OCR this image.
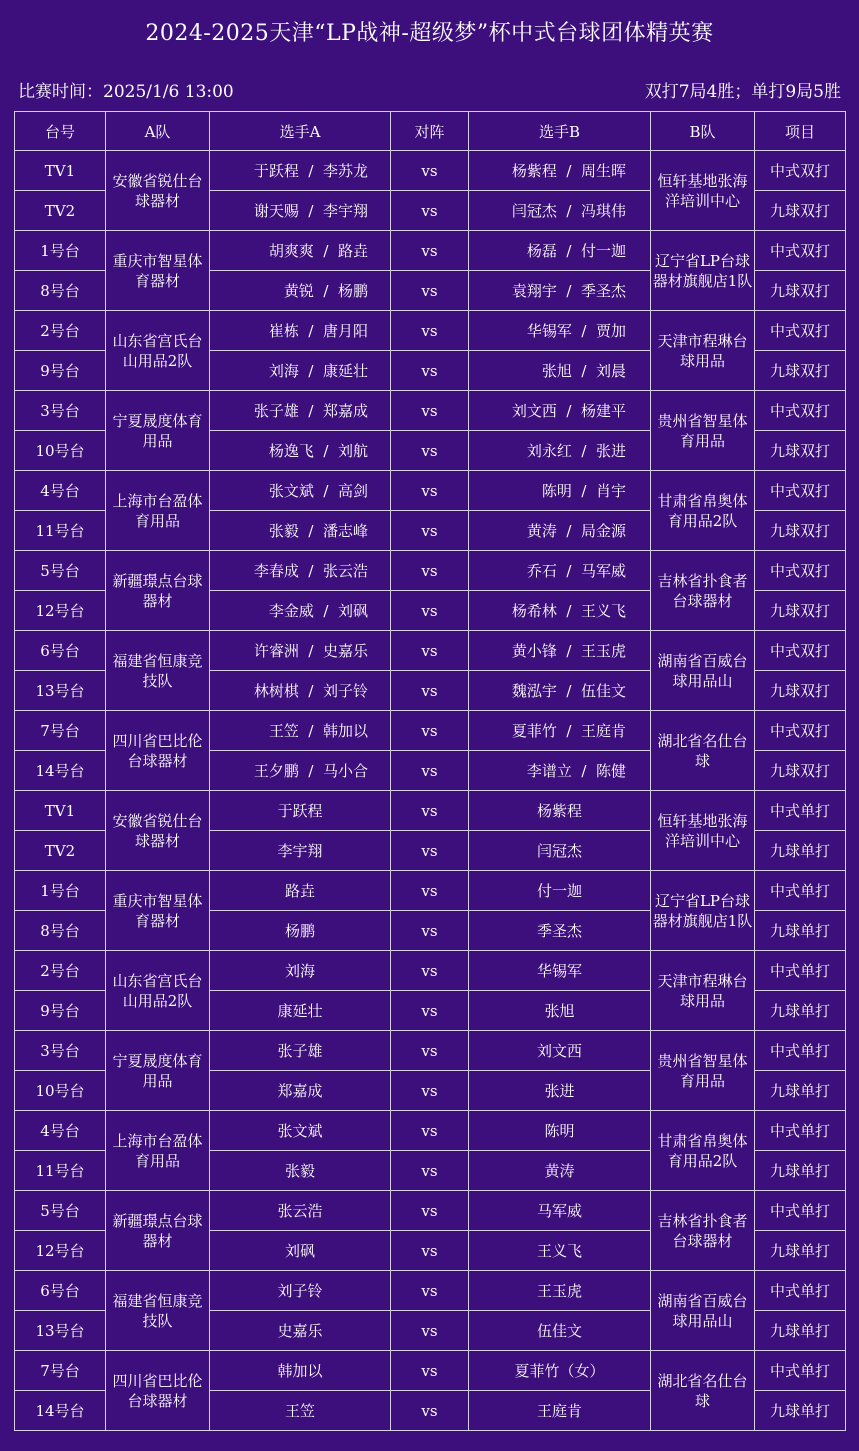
2024-2025天津“LP战神-超级梦”杯中式台球团体精英赛
比赛时间：2025/1/6 13:00	双打7局4胜；单打9局5胜
台号	A队	选手A	对阵	选手B	B队	项目
TV1	安徽省锐仕台球器材	于跃程  /  李苏龙	vs	杨紫程  /  周生晖	恒轩基地张海洋培训中心	中式双打
TV2		谢天赐  /  李宇翔	vs	闫冠杰  /  冯琪伟		九球双打
1号台	重庆市智星体育器材	胡爽爽  /  路垚	vs	杨磊  /  付一迦	辽宁省LP台球器材旗舰店1队	中式双打
8号台		黄锐  /  杨鹏	vs	袁翔宇  /  季圣杰		九球双打
2号台	山东省宫氏台山用品2队	崔栋  /  唐月阳	vs	华锡军  /  贾加	天津市程琳台球用品	中式双打
9号台		刘海  /  康延壮	vs	张旭  /  刘晨		九球双打
3号台	宁夏晟度体育用品	张子雄  /  郑嘉成	vs	刘文西  /  杨建平	贵州省智星体育用品	中式双打
10号台		杨逸飞  /  刘航	vs	刘永红  /  张进		九球双打
4号台	上海市台盈体育用品	张文斌  /  高剑	vs	陈明  /  肖宇	甘肃省帛奥体育用品2队	中式双打
11号台		张毅  /  潘志峰	vs	黄涛  /  局金源		九球双打
5号台	新疆璟点台球器材	李春成  /  张云浩	vs	乔石  /  马军威	吉林省扑食者台球器材	中式双打
12号台		李金威  /  刘砜	vs	杨希林  /  王义飞		九球双打
6号台	福建省恒康竞技队	许睿洲  /  史嘉乐	vs	黄小锋  /  王玉虎	湖南省百威台球用品山	中式双打
13号台		林树棋  /  刘子铃	vs	魏泓宇  /  伍佳文		九球双打
7号台	四川省巴比伦台球器材	王笠  /  韩加以	vs	夏菲竹  /  王庭肯	湖北省名仕台球	中式双打
14号台		王夕鹏  /  马小合	vs	李谱立  /  陈健		九球双打
TV1	安徽省锐仕台球器材	于跃程	vs	杨紫程	恒轩基地张海洋培训中心	中式单打
TV2		李宇翔	vs	闫冠杰		九球单打
1号台	重庆市智星体育器材	路垚	vs	付一迦	辽宁省LP台球器材旗舰店1队	中式单打
8号台		杨鹏	vs	季圣杰		九球单打
2号台	山东省宫氏台山用品2队	刘海	vs	华锡军	天津市程琳台球用品	中式单打
9号台		康延壮	vs	张旭		九球单打
3号台	宁夏晟度体育用品	张子雄	vs	刘文西	贵州省智星体育用品	中式单打
10号台		郑嘉成	vs	张进		九球单打
4号台	上海市台盈体育用品	张文斌	vs	陈明	甘肃省帛奥体育用品2队	中式单打
11号台		张毅	vs	黄涛		九球单打
5号台	新疆璟点台球器材	张云浩	vs	马军威	吉林省扑食者台球器材	中式单打
12号台		刘砜	vs	王义飞		九球单打
6号台	福建省恒康竞技队	刘子铃	vs	王玉虎	湖南省百威台球用品山	中式单打
13号台		史嘉乐	vs	伍佳文		九球单打
7号台	四川省巴比伦台球器材	韩加以	vs	夏菲竹（女）	湖北省名仕台球	中式单打
14号台		王笠	vs	王庭肯		九球单打
